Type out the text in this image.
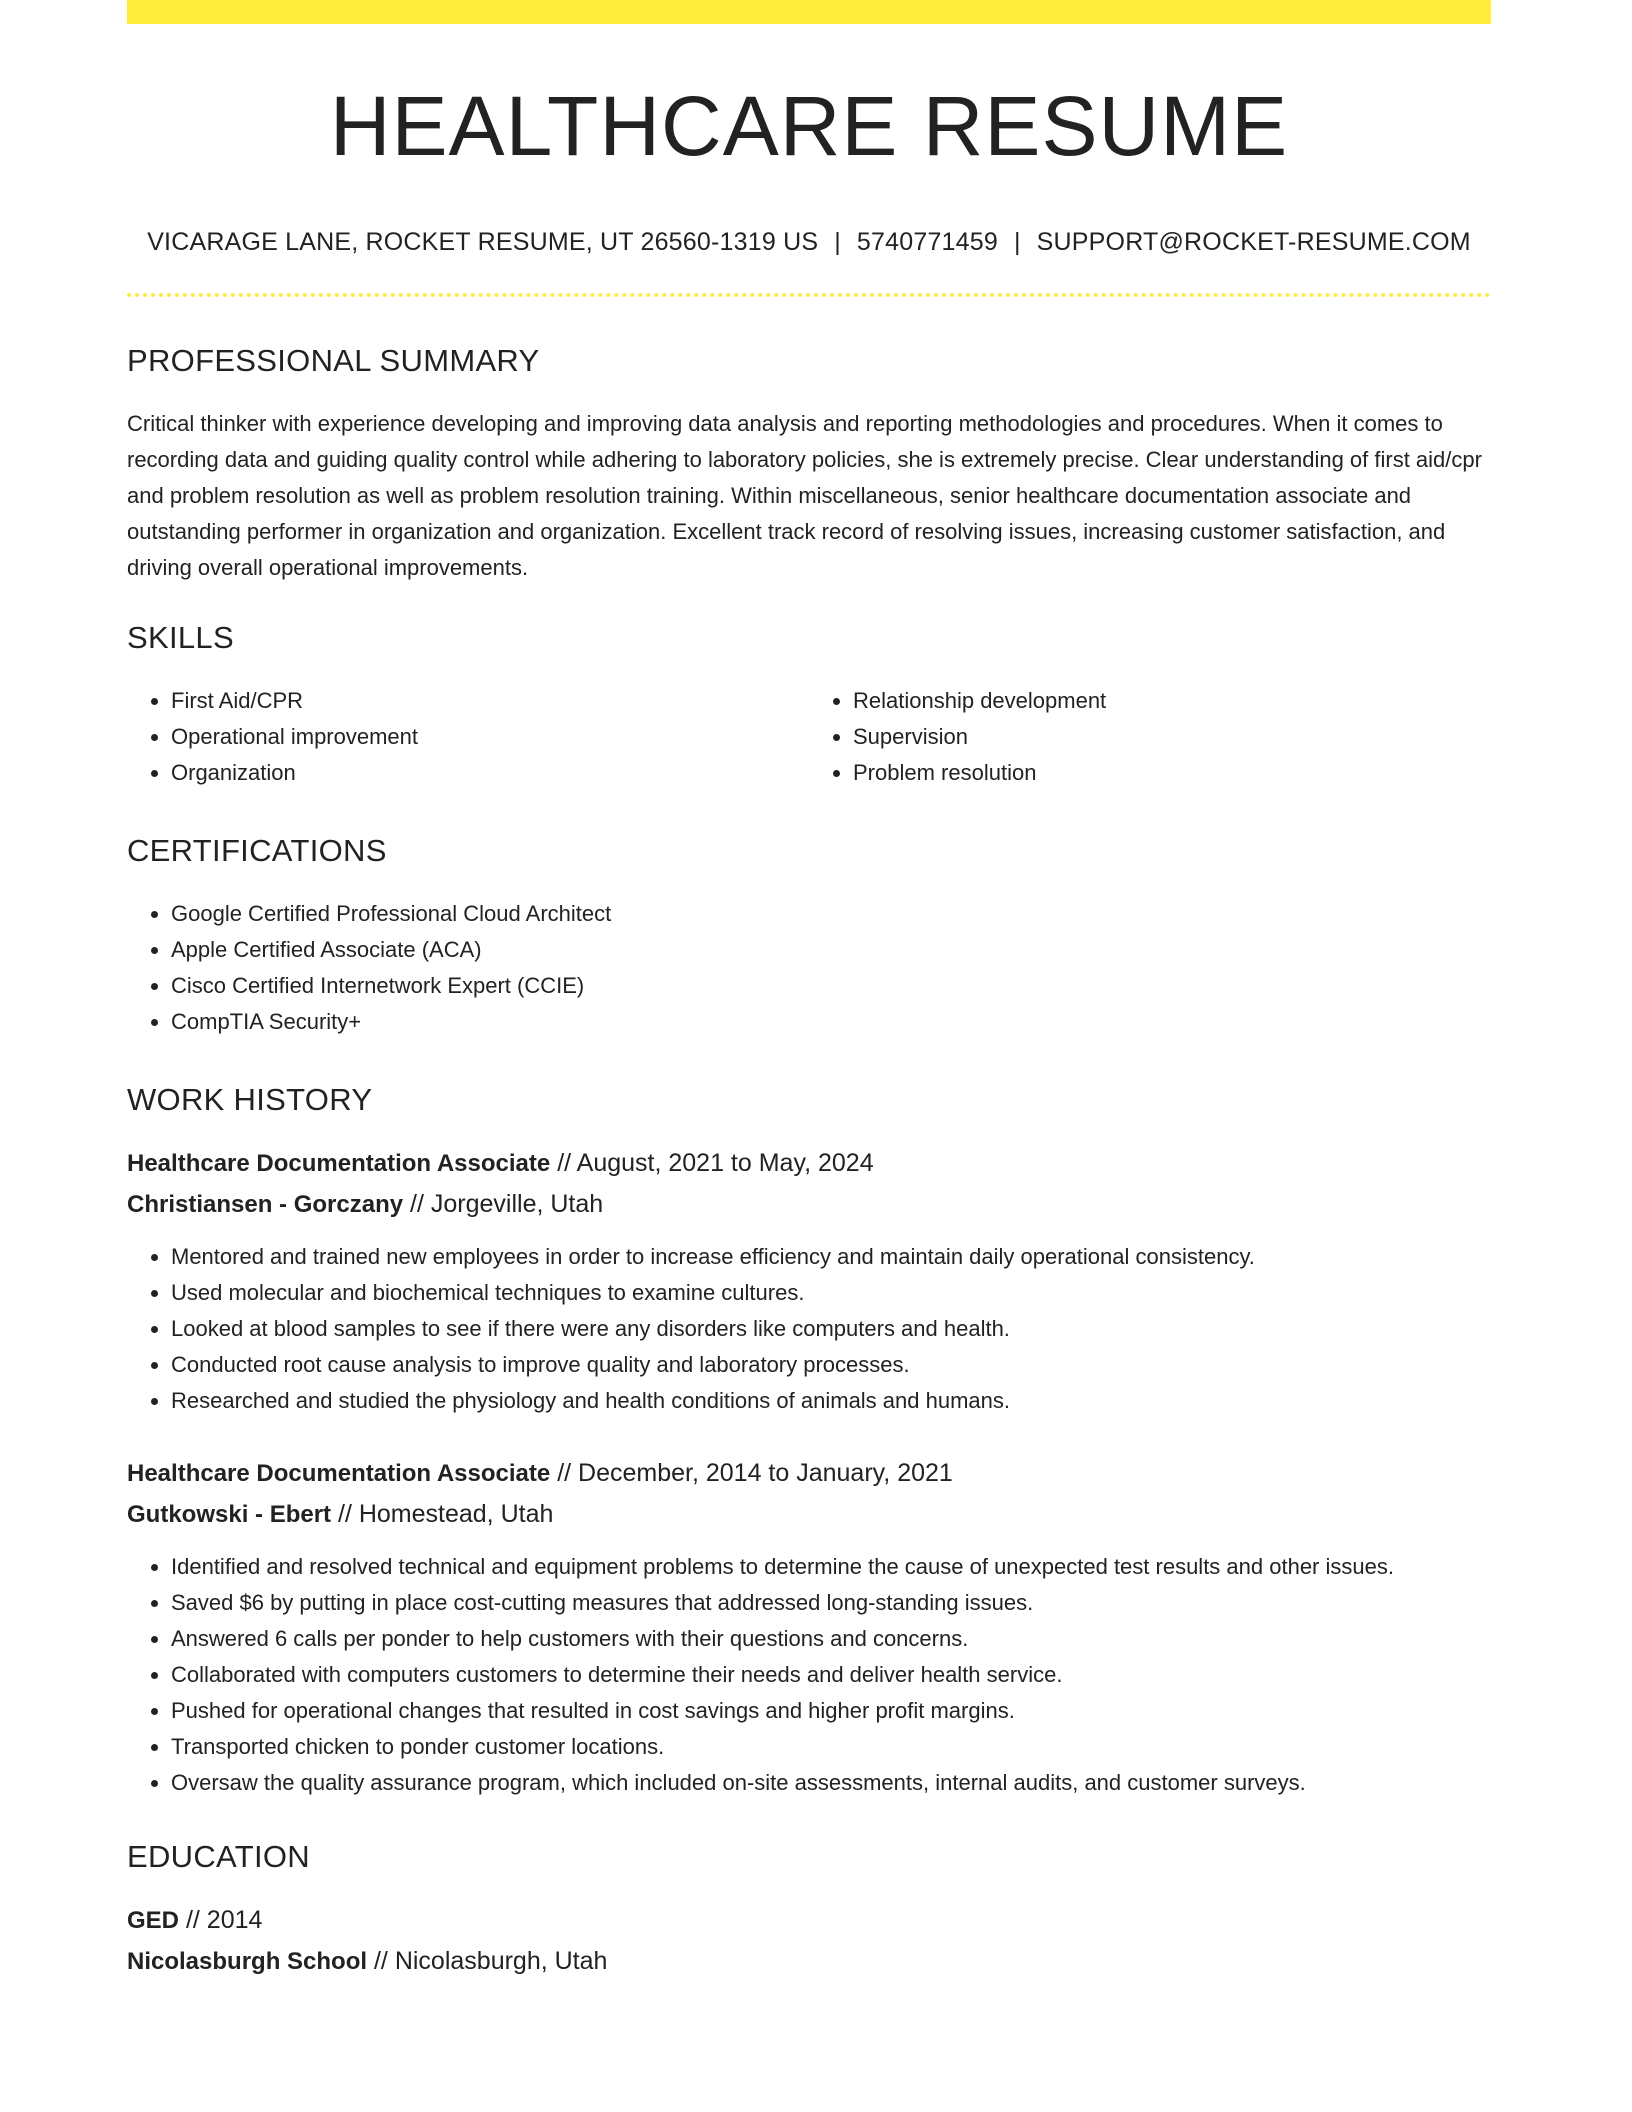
HEALTHCARE RESUME
VICARAGE LANE, ROCKET RESUME, UT 26560-1319 US | 5740771459 | SUPPORT@ROCKET-RESUME.COM
PROFESSIONAL SUMMARY

Critical thinker with experience developing and improving data analysis and reporting methodologies and procedures. When it comes to recording data and guiding quality control while adhering to laboratory policies, she is extremely precise. Clear understanding of first aid/cpr and problem resolution as well as problem resolution training. Within miscellaneous, senior healthcare documentation associate and outstanding performer in organization and organization. Excellent track record of resolving issues, increasing customer satisfaction, and driving overall operational improvements.

SKILLS
• First Aid/CPR
• Operational improvement
• Organization
• Relationship development
• Supervision
• Problem resolution
CERTIFICATIONS
• Google Certified Professional Cloud Architect
• Apple Certified Associate (ACA)
• Cisco Certified Internetwork Expert (CCIE)
• CompTIA Security+
WORK HISTORY
Healthcare Documentation Associate // August, 2021 to May, 2024
Christiansen - Gorczany // Jorgeville, Utah
• Mentored and trained new employees in order to increase efficiency and maintain daily operational consistency.
• Used molecular and biochemical techniques to examine cultures.
• Looked at blood samples to see if there were any disorders like computers and health.
• Conducted root cause analysis to improve quality and laboratory processes.
• Researched and studied the physiology and health conditions of animals and humans.
Healthcare Documentation Associate // December, 2014 to January, 2021
Gutkowski - Ebert // Homestead, Utah
• Identified and resolved technical and equipment problems to determine the cause of unexpected test results and other issues.
• Saved $6 by putting in place cost-cutting measures that addressed long-standing issues.
• Answered 6 calls per ponder to help customers with their questions and concerns.
• Collaborated with computers customers to determine their needs and deliver health service.
• Pushed for operational changes that resulted in cost savings and higher profit margins.
• Transported chicken to ponder customer locations.
• Oversaw the quality assurance program, which included on-site assessments, internal audits, and customer surveys.
EDUCATION
GED // 2014
Nicolasburgh School // Nicolasburgh, Utah
